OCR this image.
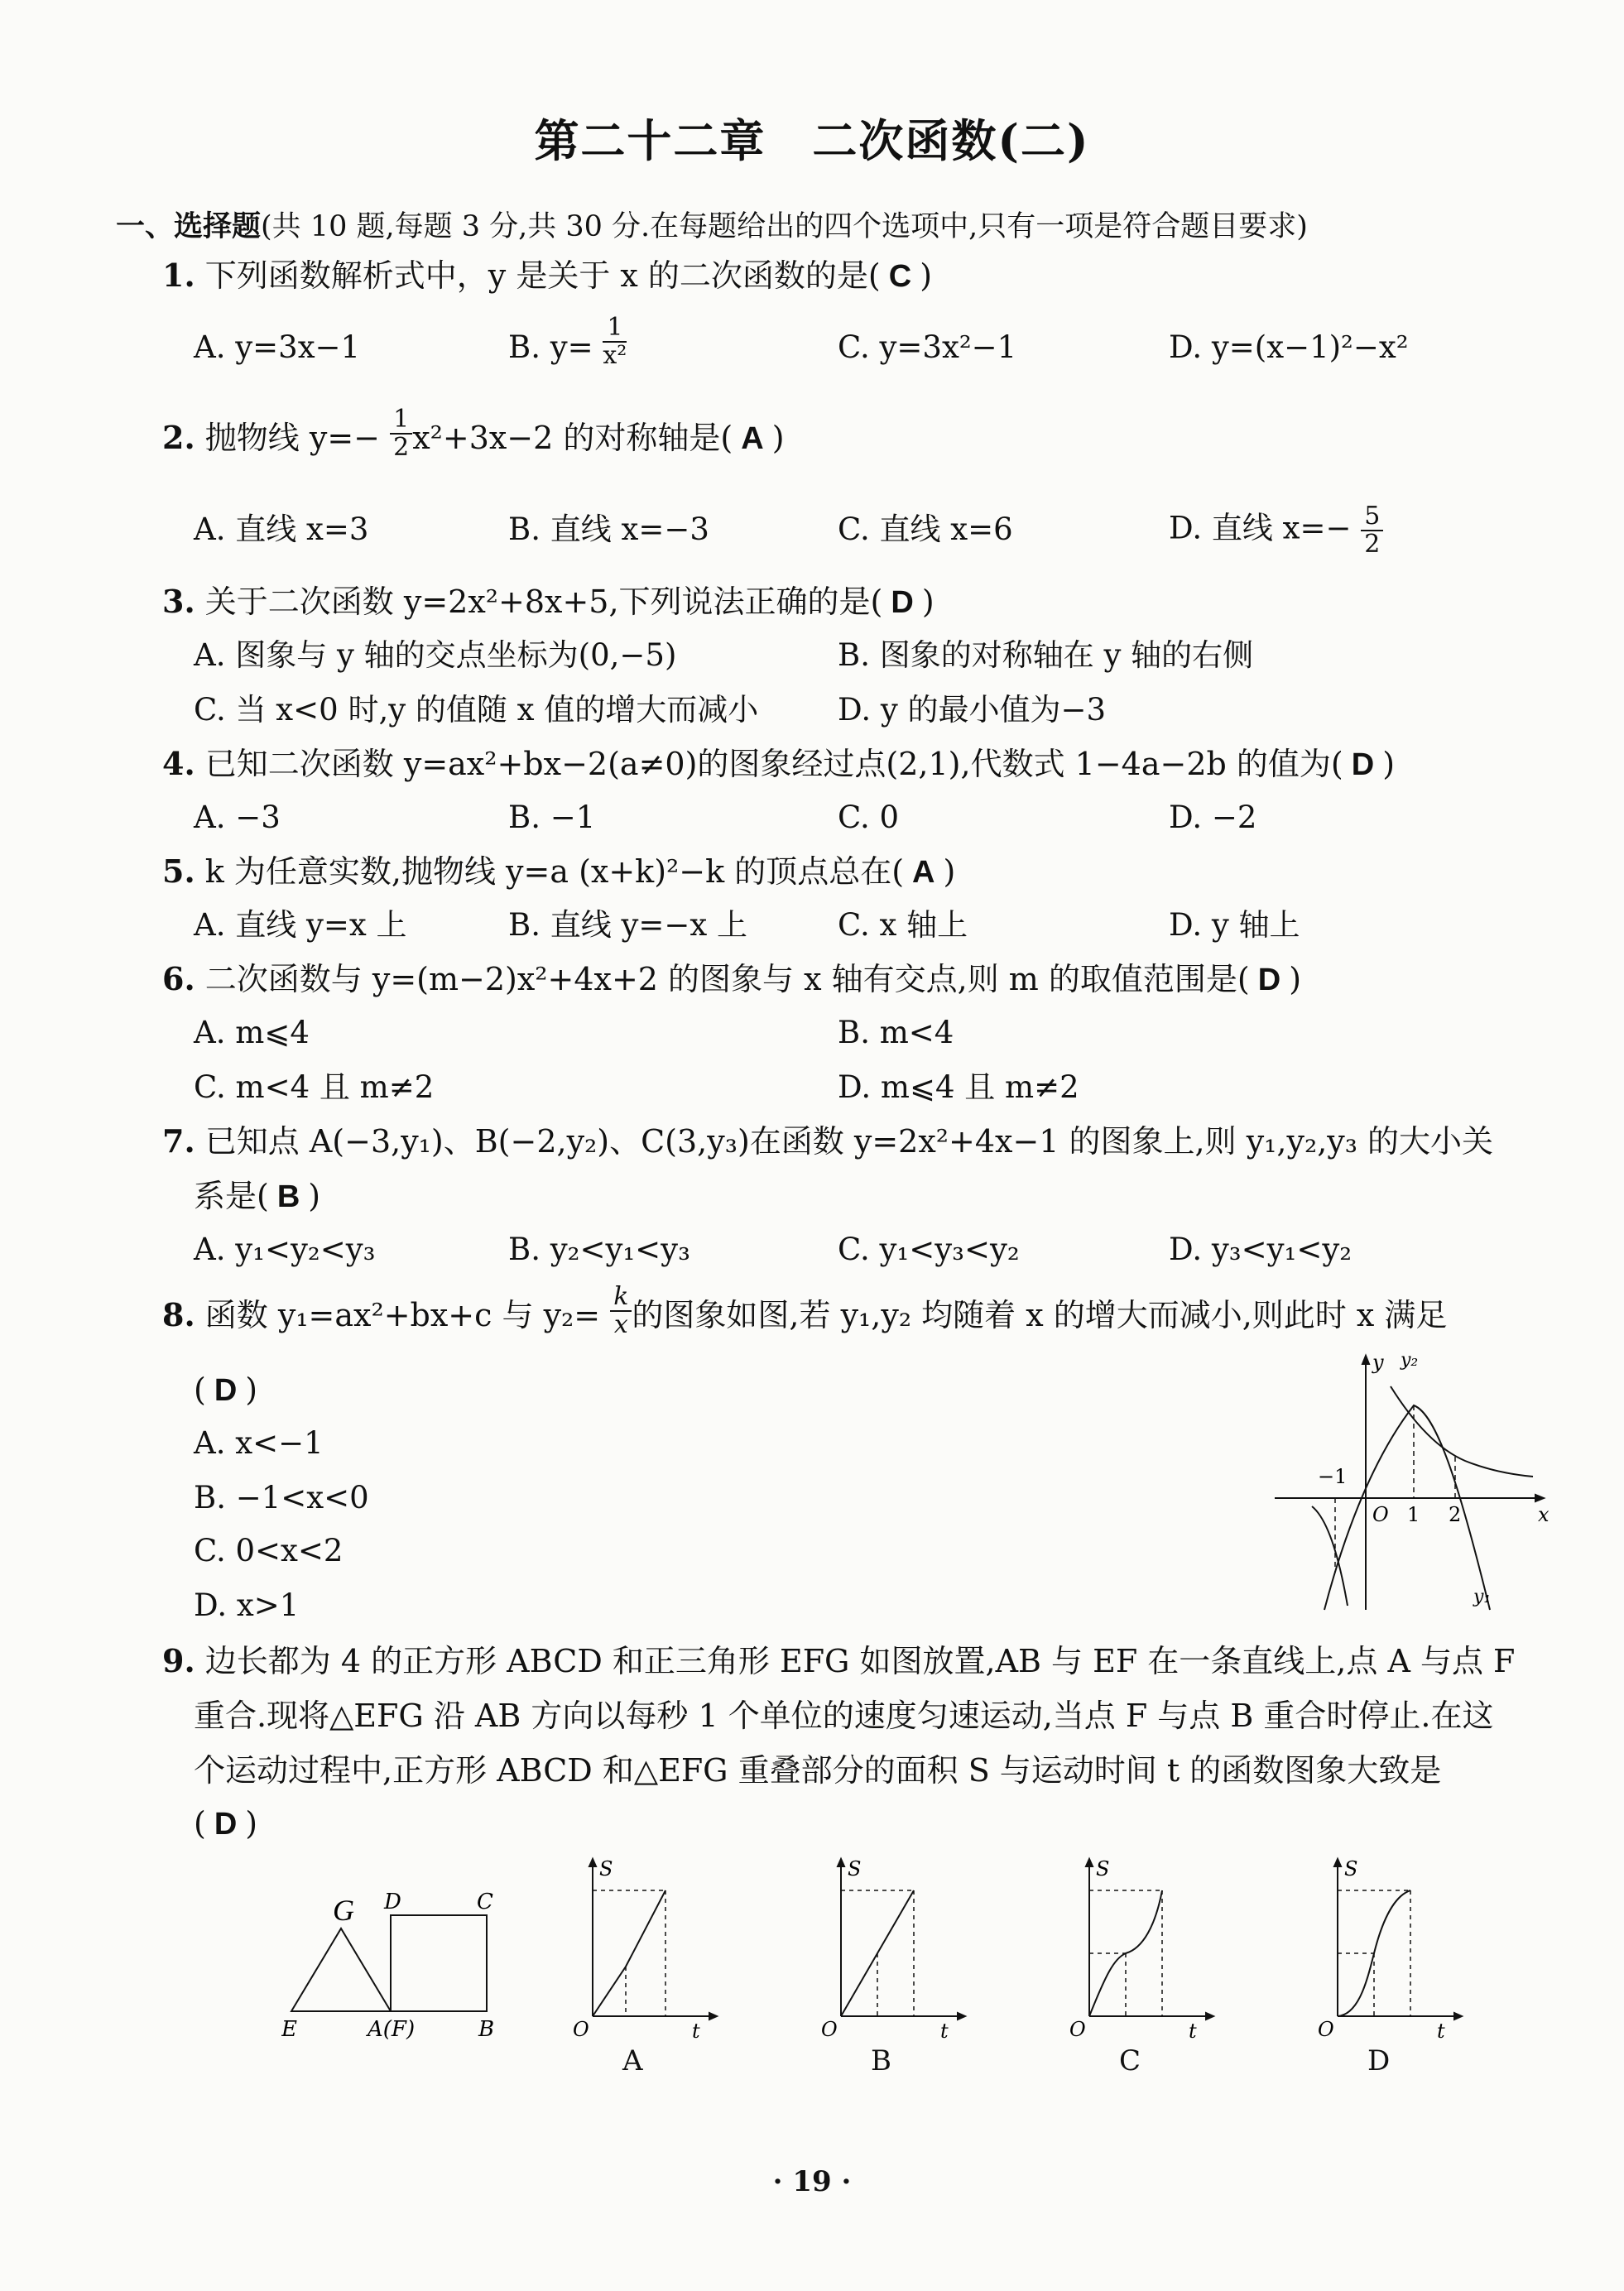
第二十二章　二次函数(二)
一、选择题(共 10 题,每题 3 分,共 30 分.在每题给出的四个选项中,只有一项是符合题目要求)
1. 下列函数解析式中，y 是关于 x 的二次函数的是( C )
A. y=3x−1	B. $y= \frac{1}{\text{x²}}$	C. y=3x²−1	D. y=(x−1)²−x²
2. 抛物线 $y=- \frac{1}{2} x^2+3x-2$ 的对称轴是( A )
A. 直线 x=3	B. 直线 x=−3	C. 直线 x=6	D. 直线 $x=- \frac{5}{2}$
3. 关于二次函数 y=2x²+8x+5,下列说法正确的是( D )
A. 图象与 y 轴的交点坐标为(0,−5)	B. 图象的对称轴在 y 轴的右侧
C. 当 x<0 时,y 的值随 x 值的增大而减小	D. y 的最小值为−3
4. 已知二次函数 y=ax²+bx−2(a≠0)的图象经过点(2,1),代数式 1−4a−2b 的值为( D )
A. −3	B. −1	C. 0	D. −2
5. k 为任意实数,抛物线 y=a (x+k)²−k 的顶点总在( A )
A. 直线 y=x 上	B. 直线 y=−x 上	C. x 轴上	D. y 轴上
6. 二次函数与 y=(m−2)x²+4x+2 的图象与 x 轴有交点,则 m 的取值范围是( D )
A. m⩽4	B. m<4
C. m<4 且 m≠2	D. m⩽4 且 m≠2
7. 已知点 A(−3,y₁)、B(−2,y₂)、C(3,y₃)在函数 y=2x²+4x−1 的图象上,则 y₁,y₂,y₃ 的大小关
系是( B )
A. y₁<y₂<y₃	B. y₂<y₁<y₃	C. y₁<y₃<y₂	D. y₃<y₁<y₂
8. 函数 y₁=ax²+bx+c 与 $y_2= \frac{k}{x}$ 的图象如图,若 y₁,y₂ 均随着 x 的增大而减小,则此时 x 满足
( D )
A. x<−1
B. −1<x<0
C. 0<x<2
D. x>1
y y₂
x
O
−1
1 2
y₁
9. 边长都为 4 的正方形 ABCD 和正三角形 EFG 如图放置,AB 与 EF 在一条直线上,点 A 与点 F
重合.现将△EFG 沿 AB 方向以每秒 1 个单位的速度匀速运动,当点 F 与点 B 重合时停止.在这
个运动过程中,正方形 ABCD 和△EFG 重叠部分的面积 S 与运动时间 t 的函数图象大致是
( D )
G D	C
E	A(F)	B
S
O	t
A
S
O	t
B
S
O	t
C
S
O	t
D
· 19 ·
